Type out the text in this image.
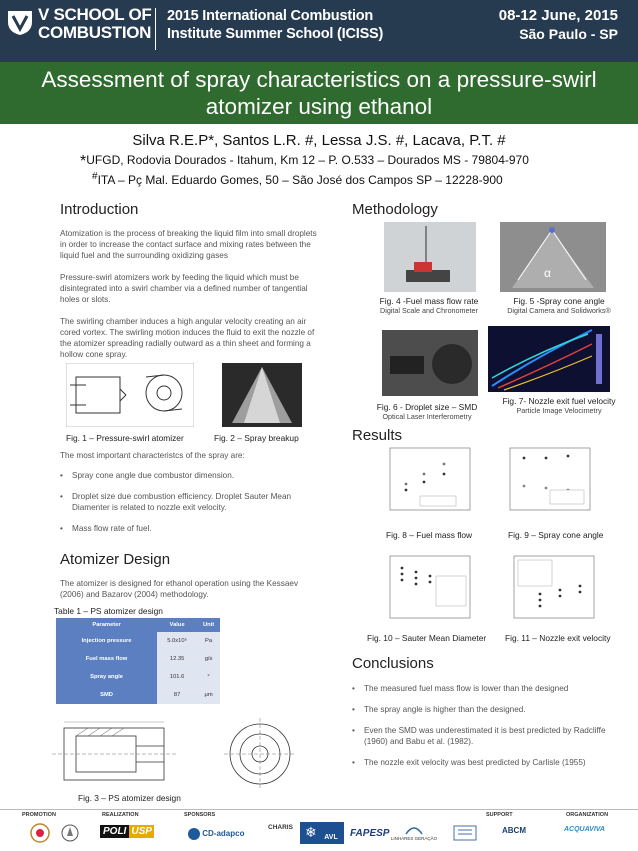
V SCHOOL OF
COMBUSTION
2015 International Combustion
Institute Summer School (ICISS)
08-12 June, 2015
São Paulo - SP
Assessment of spray characteristics on a pressure-swirl atomizer using ethanol
Silva R.E.P*, Santos L.R. #, Lessa J.S. #, Lacava, P.T. #
*UFGD, Rodovia Dourados - Itahum, Km 12 – P. O.533 – Dourados MS - 79804-970
#ITA – Pç Mal. Eduardo Gomes, 50 – São José dos Campos SP – 12228-900
Introduction

Atomization is the process of breaking the liquid film into small droplets in order to increase the contact surface and mixing rates between the liquid fuel and the surrounding oxidizing gases

Pressure-swirl atomizers work by feeding the liquid which must be disintegrated into a swirl chamber via a defined number of tangential holes or slots.

The swirling chamber induces a high angular velocity creating an air cored vortex. The swirling motion induces the fluid to exit the nozzle of the atomizer spreading radially outward as a thin sheet and forming a hollow cone spray.

Fig. 1 – Pressure-swirl atomizer	Fig. 2 – Spray breakup
The most important characteristcs of the spray are:
• Spray cone angle due combustor dimension.
• Droplet size due combustion efficiency. Droplet Sauter Mean Diamenter is related to nozzle exit velocity.
• Mass flow rate of fuel.
Atomizer Design
The atomizer is designed for ethanol operation using the Kessaev (2006) and Bazarov (2004) methodology.
Table 1 – PS atomizer design
Parameter	Value	Unit
Injection pressure	5.0x10⁵	Pa
Fuel mass flow	12.35	g/s
Spray angle	101.6	°
SMD	87	μm
Fig. 3 – PS atomizer design
Methodology
α
Fig. 4 -Fuel mass flow rate
Digital Scale and Chronometer
Fig. 5 -Spray cone angle
Digital Camera and Solidworks®
Fig. 6 - Droplet size – SMD
Optical Laser Interferometry
Fig. 7- Nozzle exit fuel velocity
Particle Image Velocimetry
Results
Fig. 8 – Fuel mass flow	Fig. 9 – Spray cone angle
Fig. 10 – Sauter Mean Diameter Fig. 11 – Nozzle exit velocity
Conclusions
• The measured fuel mass flow is lower than the designed
• The spray angle is higher than the designed.
• Even the SMD was underestimated it is best predicted by Radcliffe (1960) and Babu et al. (1982).
• The nozzle exit velocity was best predicted by Carlisle (1955)
PROMOTION	REALIZATION	SPONSORS	SUPPORT	ORGANIZATION
POLI USP	CD-adapco
CHARIS ❄	AVL	FAPESP LINHARES GERAÇÃO
ABCM	ACQUAVIVA
